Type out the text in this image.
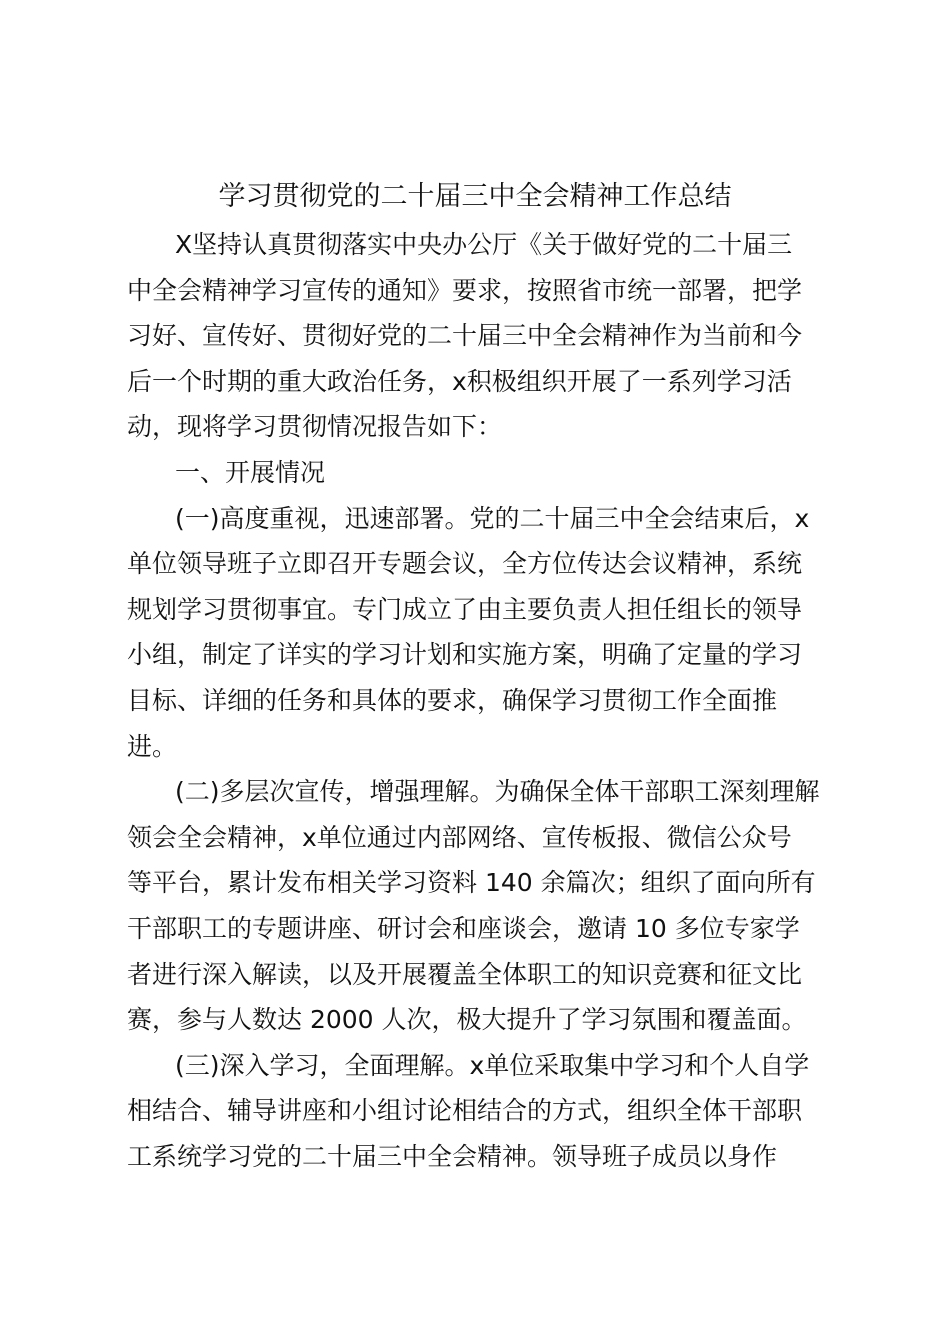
学习贯彻党的二十届三中全会精神工作总结
X坚持认真贯彻落实中央办公厅《关于做好党的二十届三
中全会精神学习宣传的通知》要求，按照省市统一部署，把学
习好、宣传好、贯彻好党的二十届三中全会精神作为当前和今
后一个时期的重大政治任务，x积极组织开展了一系列学习活
动，现将学习贯彻情况报告如下：
一、开展情况
(一)高度重视，迅速部署。党的二十届三中全会结束后，x
单位领导班子立即召开专题会议，全方位传达会议精神，系统
规划学习贯彻事宜。专门成立了由主要负责人担任组长的领导
小组，制定了详实的学习计划和实施方案，明确了定量的学习
目标、详细的任务和具体的要求，确保学习贯彻工作全面推
进。
(二)多层次宣传，增强理解。为确保全体干部职工深刻理解
领会全会精神，x单位通过内部网络、宣传板报、微信公众号
等平台，累计发布相关学习资料 140 余篇次；组织了面向所有
干部职工的专题讲座、研讨会和座谈会，邀请 10 多位专家学
者进行深入解读，以及开展覆盖全体职工的知识竞赛和征文比
赛，参与人数达 2000 人次，极大提升了学习氛围和覆盖面。
(三)深入学习，全面理解。x单位采取集中学习和个人自学
相结合、辅导讲座和小组讨论相结合的方式，组织全体干部职
工系统学习党的二十届三中全会精神。领导班子成员以身作
